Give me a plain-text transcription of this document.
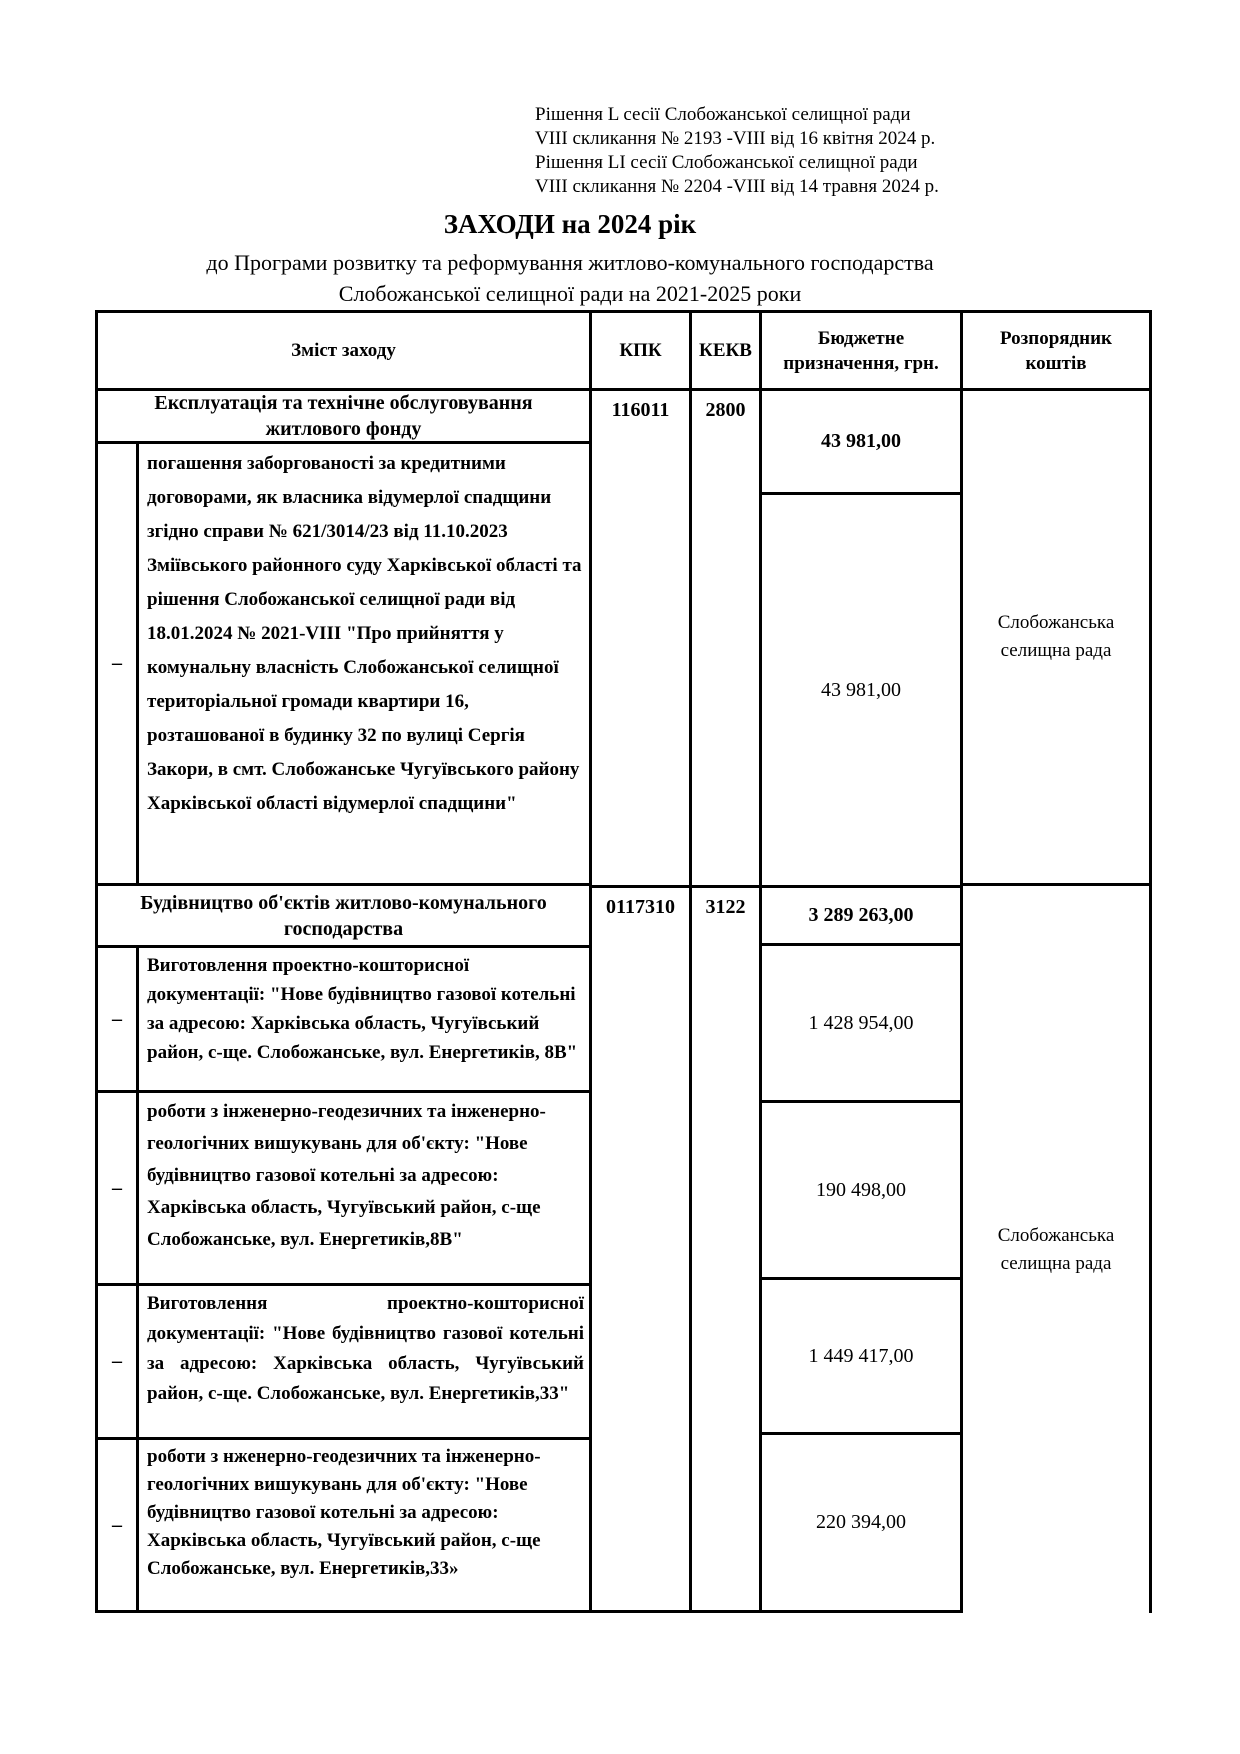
Рішення L сесії Слобожанської селищної ради
VIII скликання № 2193 -VIII від 16 квітня 2024 р.
Рішення LI сесії Слобожанської селищної ради
VIII скликання № 2204 -VIII від 14 травня 2024 р.
ЗАХОДИ на 2024 рік
до Програми розвитку та реформування житлово-комунального господарства
Слобожанської селищної ради на 2021-2025 роки
Зміст заходу
Експлуатація та технічне обслуговування житлового фонду
–
погашення заборгованості за кредитними договорами, як власника відумерлої спадщини згідно справи № 621/3014/23 від 11.10.2023 Зміївського районного суду Харківської області та рішення Слобожанської селищної ради від 18.01.2024 № 2021-VIII "Про прийняття у комунальну власність Слобожанської селищної територіальної громади квартири 16, розташованої в будинку 32 по вулиці Сергія Закори, в смт. Слобожанське Чугуївського району Харківської області відумерлої спадщини"
Будівництво об'єктів житлово-комунального господарства
–
Виготовлення проектно-кошторисної документації: "Нове будівництво газової котельні за адресою: Харківська область, Чугуївський район, с-ще. Слобожанське, вул. Енергетиків, 8В"
–
роботи з інженерно-геодезичних та інженерно-геологічних вишукувань для об'єкту: "Нове будівництво газової котельні за адресою: Харківська область, Чугуївський район, с-ще Слобожанське, вул. Енергетиків,8В"
–
Виготовлення проектно-кошторисної документації: "Нове будівництво газової котельні за адресою: Харківська область, Чугуївський район, с-ще. Слобожанське, вул. Енергетиків,33"
–
роботи з нженерно-геодезичних та інженерно-геологічних вишукувань для об'єкту: "Нове будівництво газової котельні за адресою: Харківська область, Чугуївський район, с-ще Слобожанське, вул. Енергетиків,33»
КПК
116011
0117310
КЕКВ
2800
3122
Бюджетне призначення, грн.
43 981,00
43 981,00
3 289 263,00
1 428 954,00
190 498,00
1 449 417,00
220 394,00
Розпорядник коштів
Слобожанська селищна рада
Слобожанська селищна рада
